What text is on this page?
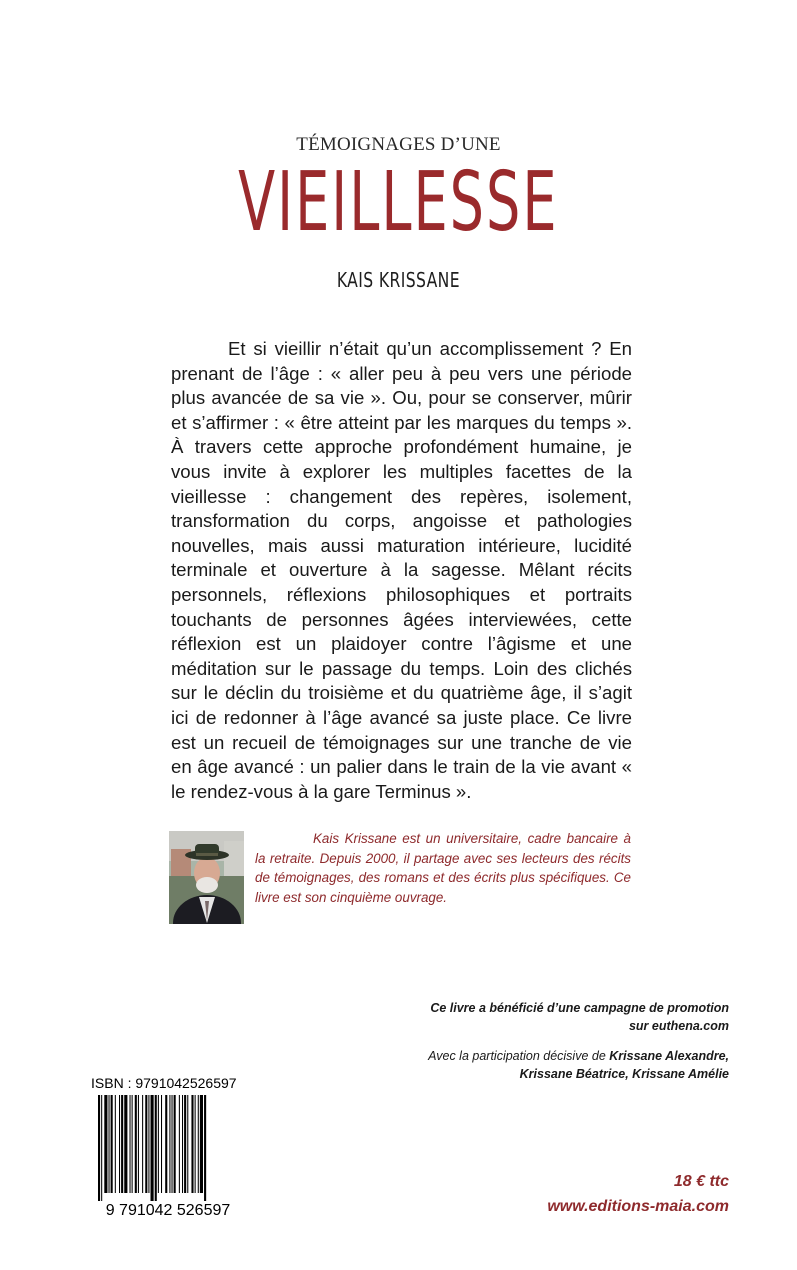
TÉMOIGNAGES D’UNE
VIEILLESSE
KAIS KRISSANE

Et si vieillir n’était qu’un accomplissement ? En prenant de l’âge : « aller peu à peu vers une période plus avancée de sa vie ». Ou, pour se conserver, mûrir et s’affirmer : « être atteint par les marques du temps ». À travers cette approche profondément humaine, je vous invite à explorer les multiples facettes de la vieillesse : changement des repères, isolement, transformation du corps, angoisse et pathologies nouvelles, mais aussi maturation intérieure, lucidité terminale et ouverture à la sagesse. Mêlant récits personnels, réflexions philosophiques et portraits touchants de personnes âgées interviewées, cette réflexion est un plaidoyer contre l’âgisme et une méditation sur le passage du temps. Loin des clichés sur le déclin du troisième et du quatrième âge, il s’agit ici de redonner à l’âge avancé sa juste place. Ce livre est un recueil de témoignages sur une tranche de vie en âge avancé : un palier dans le train de la vie avant « le rendez-vous à la gare Terminus ».

Kais Krissane est un universitaire, cadre bancaire à la retraite. Depuis 2000, il partage avec ses lecteurs des récits de témoignages, des romans et des écrits plus spécifiques. Ce livre est son cinquième ouvrage.

Ce livre a bénéficié d’une campagne de promotion
sur euthena.com
Avec la participation décisive de Krissane Alexandre,
Krissane Béatrice, Krissane Amélie
ISBN : 9791042526597
9 791042 526597
18 € ttc
www.editions-maia.com
